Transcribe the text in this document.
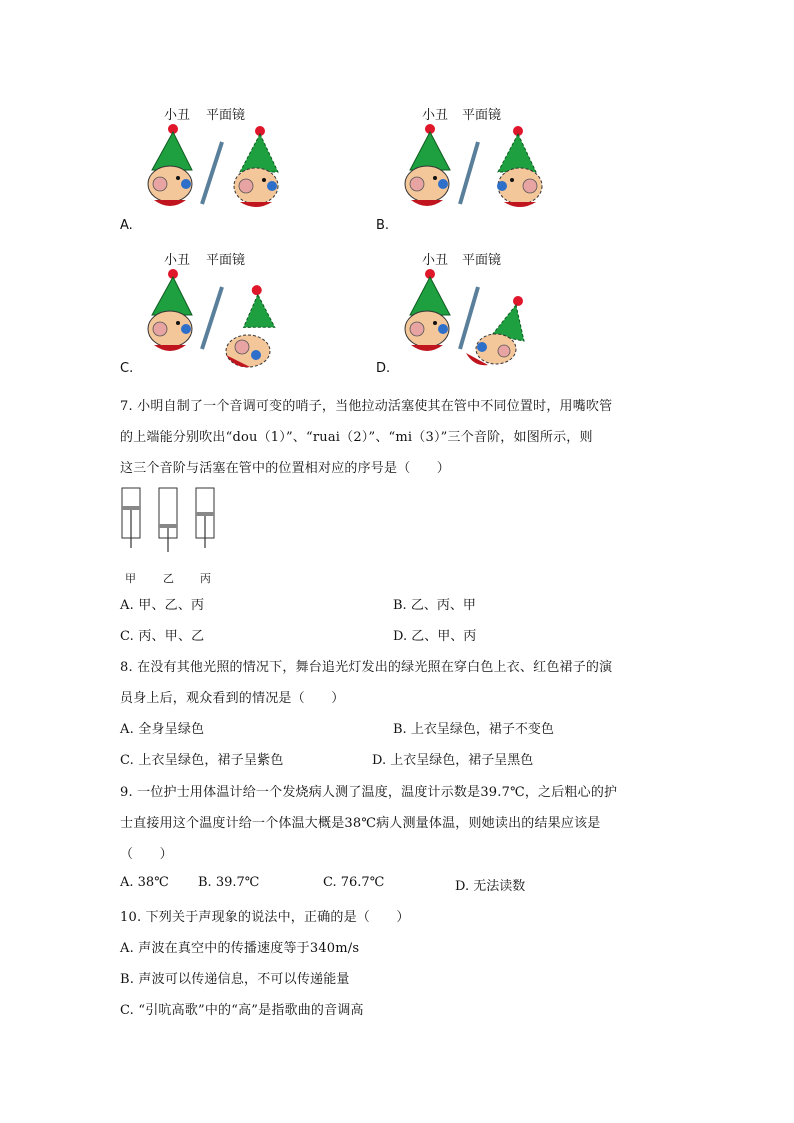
小丑 平面镜
A.
小丑 平面镜
B.
小丑 平面镜
C.
小丑 平面镜
D.
7. 小明自制了一个音调可变的哨子，当他拉动活塞使其在管中不同位置时，用嘴吹管
的上端能分别吹出“dou（1）”、“ruai（2）”、“mi（3）”三个音阶，如图所示，则
这三个音阶与活塞在管中的位置相对应的序号是（　　）
甲 乙 丙
A. 甲、乙、丙	B. 乙、丙、甲
C. 丙、甲、乙	D. 乙、甲、丙
8. 在没有其他光照的情况下，舞台追光灯发出的绿光照在穿白色上衣、红色裙子的演
员身上后，观众看到的情况是（　　）
A. 全身呈绿色	B. 上衣呈绿色，裙子不变色
C. 上衣呈绿色，裙子呈紫色	D. 上衣呈绿色，裙子呈黑色
9. 一位护士用体温计给一个发烧病人测了温度，温度计示数是39.7℃，之后粗心的护
士直接用这个温度计给一个体温大概是38℃病人测量体温，则她读出的结果应该是
（　　）
A. 38℃ B. 39.7℃	C. 76.7℃	D. 无法读数
10. 下列关于声现象的说法中，正确的是（　　）
A. 声波在真空中的传播速度等于340m/s
B. 声波可以传递信息，不可以传递能量
C. “引吭高歌”中的“高”是指歌曲的音调高
